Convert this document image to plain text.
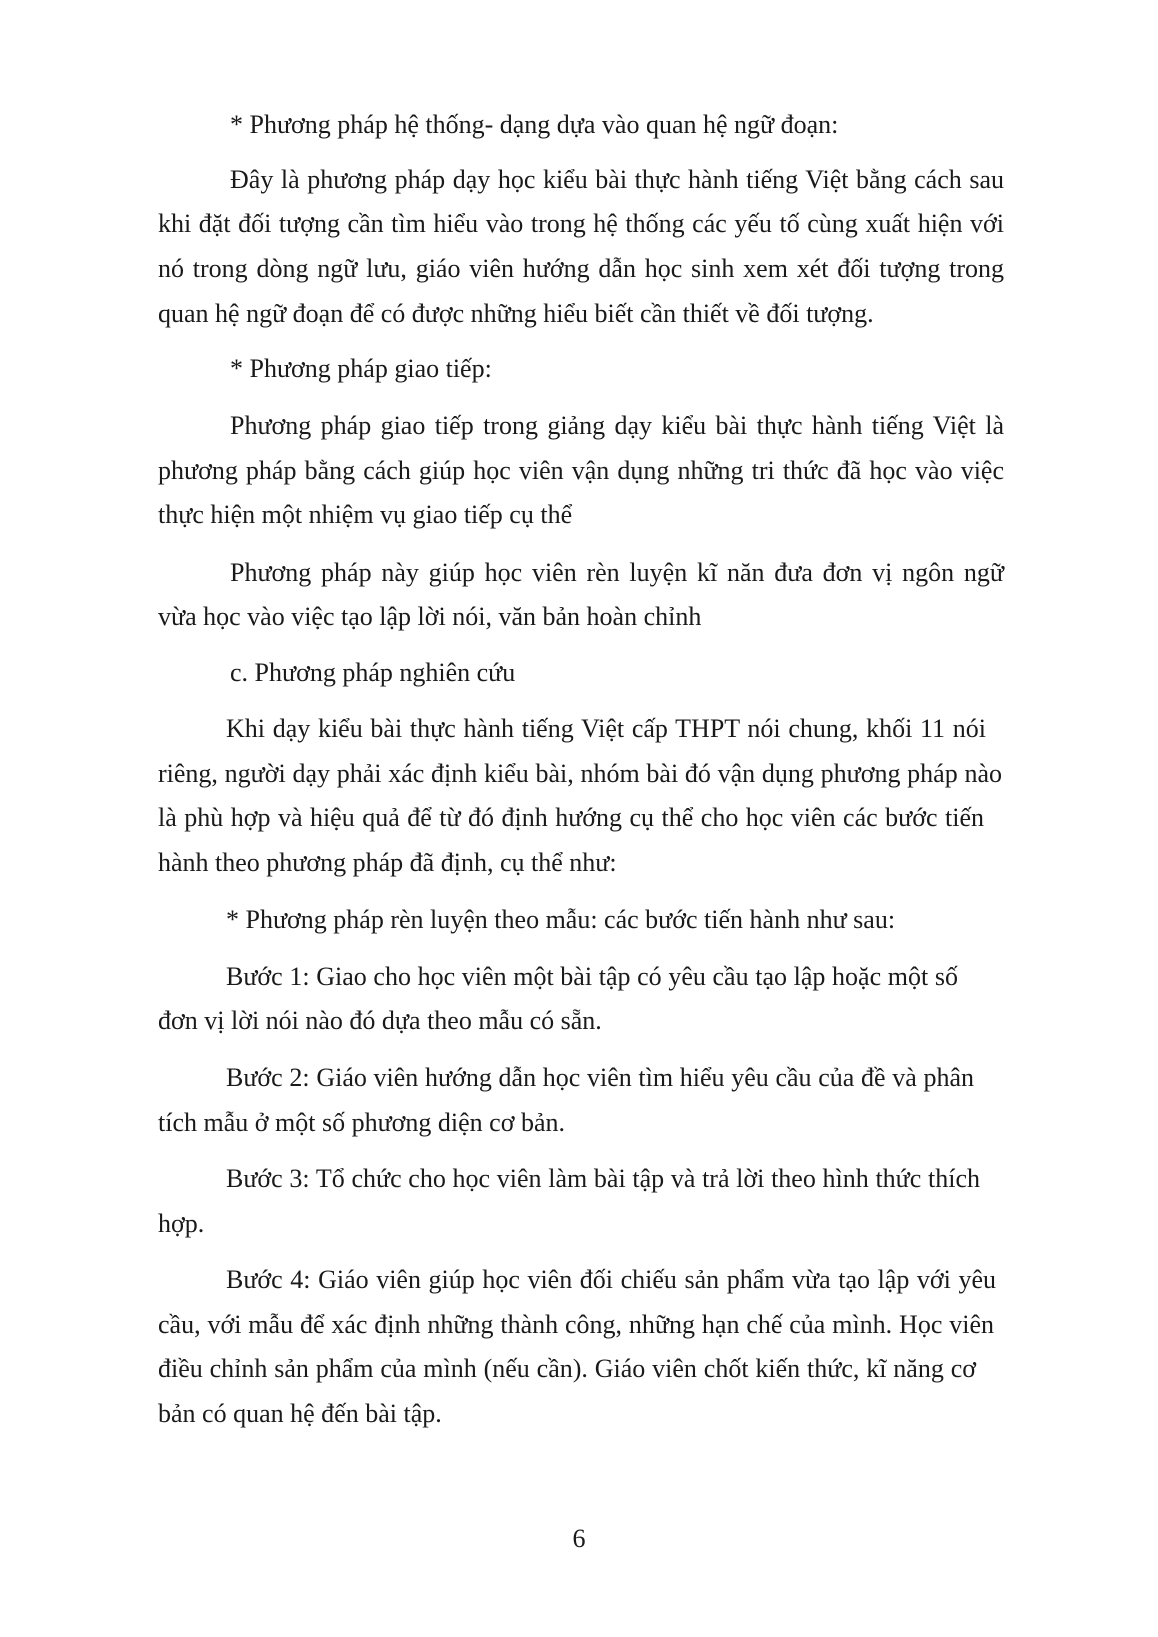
* Phương pháp hệ thống- dạng dựa vào quan hệ ngữ đoạn:

Đây là phương pháp dạy học kiểu bài thực hành tiếng Việt bằng cách sau

khi đặt đối tượng cần tìm hiểu vào trong hệ thống các yếu tố cùng xuất hiện với

nó trong dòng ngữ lưu, giáo viên hướng dẫn học sinh xem xét đối tượng trong

quan hệ ngữ đoạn để có được những hiểu biết cần thiết về đối tượng.

* Phương pháp giao tiếp:

Phương pháp giao tiếp trong giảng dạy kiểu bài thực hành tiếng Việt là

phương pháp bằng cách giúp học viên vận dụng những tri thức đã học vào việc

thực hiện một nhiệm vụ giao tiếp cụ thể

Phương pháp này giúp học viên rèn luyện kĩ năn đưa đơn vị ngôn ngữ

vừa học vào việc tạo lập lời nói, văn bản hoàn chỉnh

c. Phương pháp nghiên cứu

Khi dạy kiểu bài thực hành tiếng Việt cấp THPT nói chung, khối 11 nói

riêng, người dạy phải xác định kiểu bài, nhóm bài đó vận dụng phương pháp nào

là phù hợp và hiệu quả để từ đó định hướng cụ thể cho học viên các bước tiến

hành theo phương pháp đã định, cụ thể như:

* Phương pháp rèn luyện theo mẫu: các bước tiến hành như sau:

Bước 1: Giao cho học viên một bài tập có yêu cầu tạo lập hoặc một số

đơn vị lời nói nào đó dựa theo mẫu có sẵn.

Bước 2: Giáo viên hướng dẫn học viên tìm hiểu yêu cầu của đề và phân

tích mẫu ở một số phương diện cơ bản.

Bước 3: Tổ chức cho học viên làm bài tập và trả lời theo hình thức thích

hợp.

Bước 4: Giáo viên giúp học viên đối chiếu sản phẩm vừa tạo lập với yêu

cầu, với mẫu để xác định những thành công, những hạn chế của mình. Học viên

điều chỉnh sản phẩm của mình (nếu cần). Giáo viên chốt kiến thức, kĩ năng cơ

bản có quan hệ đến bài tập.

6
